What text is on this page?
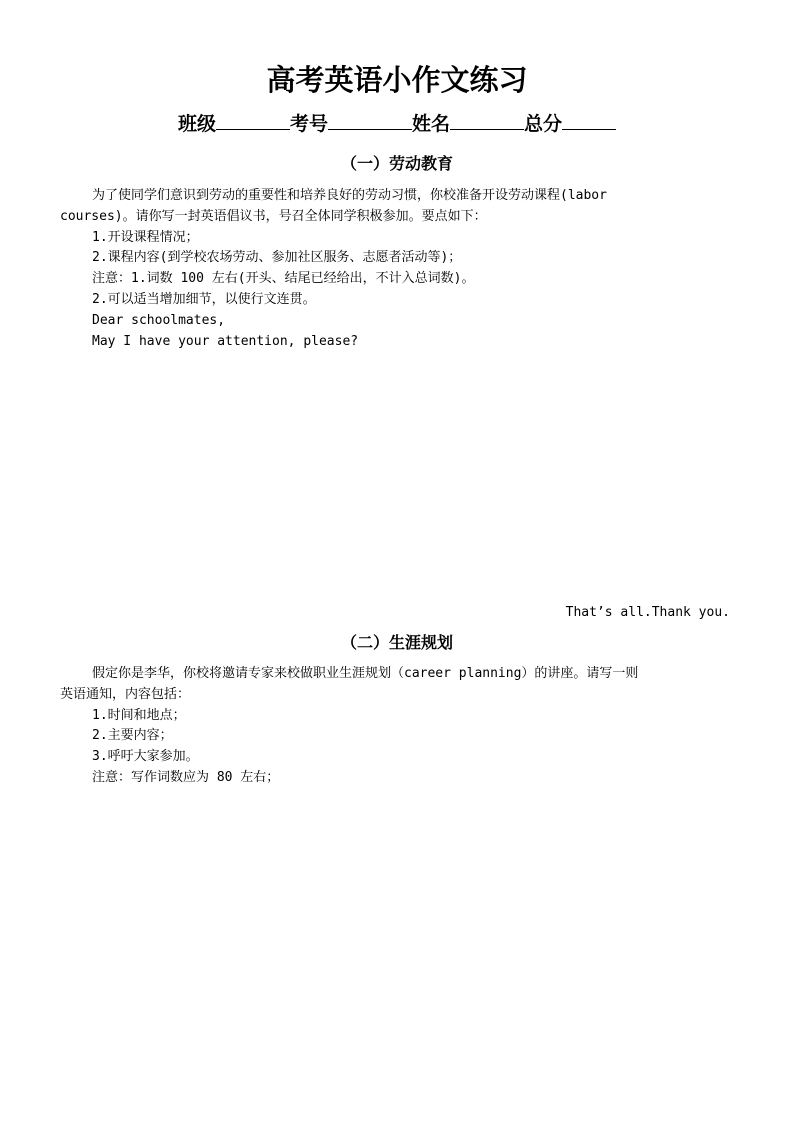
高考英语小作文练习
班级	考号	姓名	总分
（一）劳动教育

为了使同学们意识到劳动的重要性和培养良好的劳动习惯，你校准备开设劳动课程(labor

courses)。请你写一封英语倡议书，号召全体同学积极参加。要点如下：

1.开设课程情况；

2.课程内容(到学校农场劳动、参加社区服务、志愿者活动等)；

注意：1.词数 100 左右(开头、结尾已经给出，不计入总词数)。

2.可以适当增加细节，以使行文连贯。

Dear schoolmates,

May I have your attention, please?

That’s all.Thank you.
（二）生涯规划

假定你是李华，你校将邀请专家来校做职业生涯规划（career planning）的讲座。请写一则

英语通知，内容包括：

1.时间和地点；

2.主要内容；

3.呼吁大家参加。

注意：写作词数应为 80 左右；
